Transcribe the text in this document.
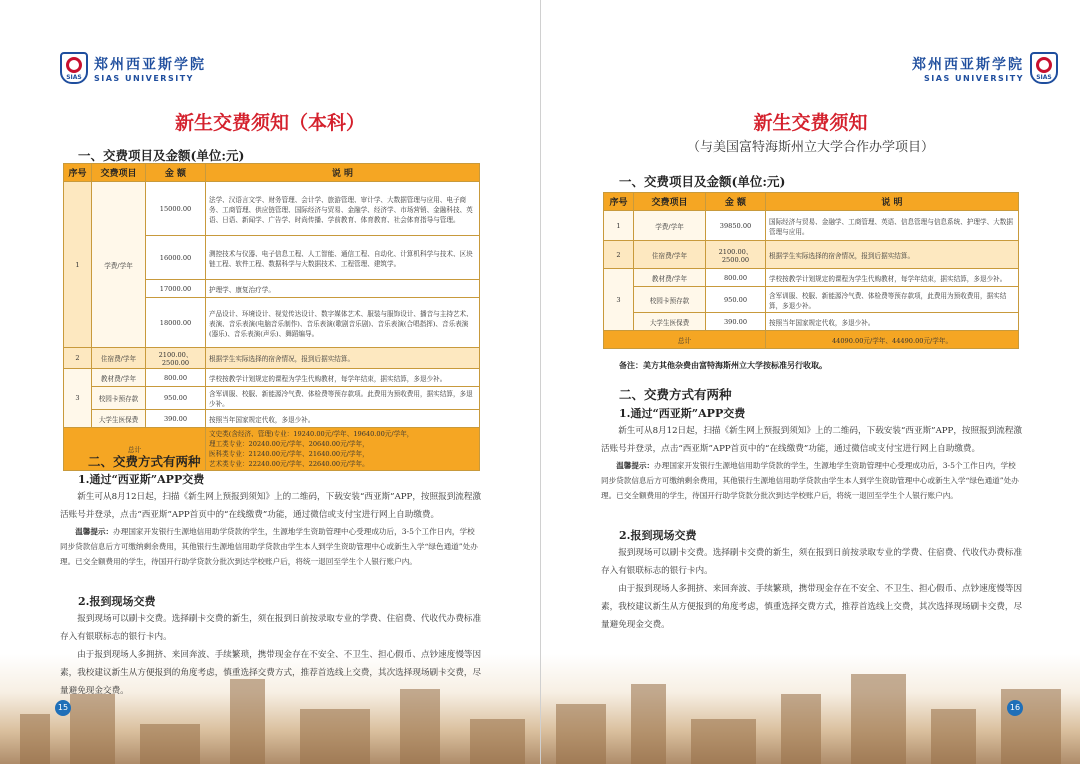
SIAS
郑州西亚斯学院
SIAS UNIVERSITY
新生交费须知（本科）
一、交费项目及金额(单位:元)
序号	交费项目	金 额	说 明
1	学费/学年	15000.00	法学、汉语言文学、财务管理、会计学、旅游管理、审计学、大数据管理与应用、电子商务、工商管理、供应链管理、国际经济与贸易、金融学、经济学、市场营销、金融科技、英语、日语、新闻学、广告学、时尚传播、学前教育、体育教育、社会体育指导与管理。
		16000.00	测控技术与仪器、电子信息工程、人工智能、通信工程、自动化、计算机科学与技术、区块链工程、软件工程、数据科学与大数据技术、工程管理、建筑学。
		17000.00	护理学、康复治疗学。
		18000.00	产品设计、环境设计、视觉传达设计、数字媒体艺术、服装与服饰设计、播音与主持艺术、表演、音乐表演(电脑音乐制作)、音乐表演(歌剧音乐剧)、音乐表演(合唱指挥)、音乐表演(器乐)、音乐表演(声乐)、舞蹈编导。
2	住宿费/学年	2100.00、2500.00	根据学生实际选择的宿舍情况，报到后据实结算。
3	教材费/学年	800.00	学校按教学计划规定的课程为学生代购教材，每学年结束，据实结算，多退少补。
	校园卡预存款	950.00	含军训服、校服、新能源冷气费、体检费等预存款项。此费用为预收费用，据实结算，多退少补。
	大学生医保费	390.00	按照当年国家规定代收，多退少补。
总计			文史类(含经济、管理)专业：19240.00元/学年、19640.00元/学年，
理工类专业：20240.00元/学年、20640.00元/学年，
医科类专业：21240.00元/学年、21640.00元/学年，
艺术类专业：22240.00元/学年、22640.00元/学年。
二、交费方式有两种
1.通过“西亚斯”APP交费
新生可从8月12日起，扫描《新生网上预报到须知》上的二维码，下载安装“西亚斯”APP，按照报到流程激活账号并登录，点击“西亚斯”APP首页中的“在线缴费”功能，通过微信或支付宝进行网上自助缴费。
温馨提示：办理国家开发银行生源地信用助学贷款的学生，生源地学生资助管理中心受理成功后，3-5个工作日内，学校同步贷款信息后方可缴纳剩余费用，其他银行生源地信用助学贷款由学生本人到学生资助管理中心或新生入学“绿色通道”处办理。已交全额费用的学生，待国开行助学贷款分批次到达学校账户后，将统一退回至学生个人银行账户内。
2.报到现场交费
报到现场可以刷卡交费。选择刷卡交费的新生，须在报到日前按录取专业的学费、住宿费、代收代办费标准存入有银联标志的银行卡内。
由于报到现场人多拥挤、来回奔波、手续繁琐，携带现金存在不安全、不卫生、担心假币、点钞速度慢等因素，我校建议新生从方便报到的角度考虑，慎重选择交费方式，推荐首选线上交费，其次选择现场刷卡交费，尽量避免现金交费。
15
郑州西亚斯学院
SIAS UNIVERSITY	SIAS
新生交费须知
（与美国富特海斯州立大学合作办学项目）
一、交费项目及金额(单位:元)
序号	交费项目	金 额	说 明
1	学费/学年	39850.00	国际经济与贸易、金融学、工商管理、英语、信息管理与信息系统、护理学、大数据管理与应用。
2	住宿费/学年	2100.00、2500.00	根据学生实际选择的宿舍情况，报到后据实结算。
3	教材费/学年	800.00	学校按教学计划规定的课程为学生代购教材，每学年结束，据实结算，多退少补。
	校园卡预存款	950.00	含军训服、校服、新能源冷气费、体检费等预存款项，此费用为预收费用，据实结算，多退少补。
	大学生医保费	390.00	按照当年国家规定代收，多退少补。
总计			44090.00元/学年、44490.00元/学年。
备注：美方其他杂费由富特海斯州立大学按标准另行收取。
二、交费方式有两种
1.通过“西亚斯”APP交费
新生可从8月12日起，扫描《新生网上预报到须知》上的二维码，下载安装“西亚斯”APP，按照报到流程激活账号并登录，点击“西亚斯”APP首页中的“在线缴费”功能，通过微信或支付宝进行网上自助缴费。
温馨提示：办理国家开发银行生源地信用助学贷款的学生，生源地学生资助管理中心受理成功后，3-5个工作日内，学校同步贷款信息后方可缴纳剩余费用，其他银行生源地信用助学贷款由学生本人到学生资助管理中心或新生入学“绿色通道”处办理。已交全额费用的学生，待国开行助学贷款分批次到达学校账户后，将统一退回至学生个人银行账户内。
2.报到现场交费
报到现场可以刷卡交费。选择刷卡交费的新生，须在报到日前按录取专业的学费、住宿费、代收代办费标准存入有银联标志的银行卡内。
由于报到现场人多拥挤、来回奔波、手续繁琐，携带现金存在不安全、不卫生、担心假币、点钞速度慢等因素，我校建议新生从方便报到的角度考虑，慎重选择交费方式，推荐首选线上交费，其次选择现场刷卡交费，尽量避免现金交费。
16
